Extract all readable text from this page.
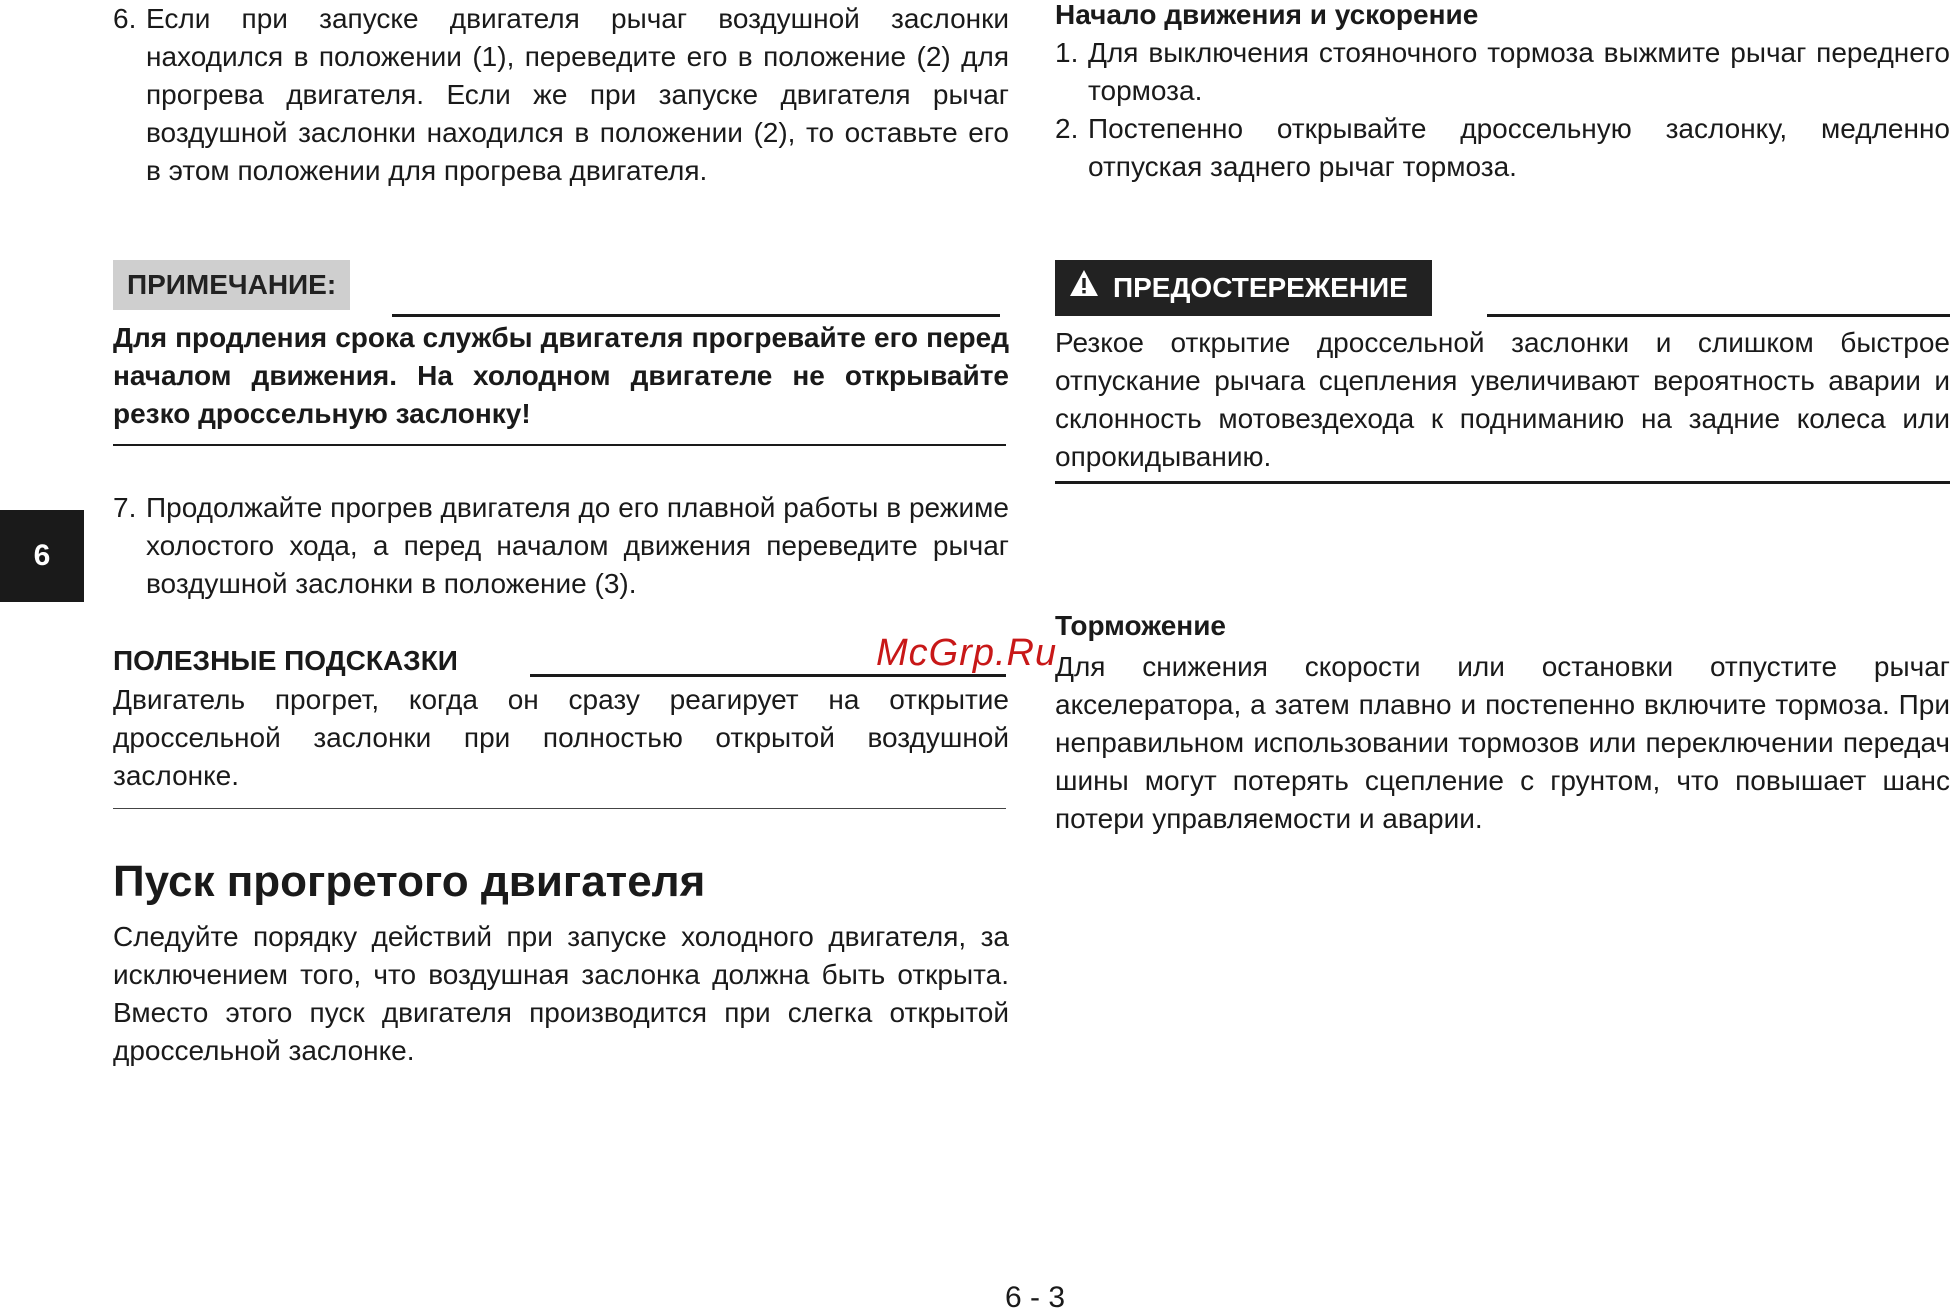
6
6. Если при запуске двигателя рычаг воздушной заслонки находился в положении (1), переведите его в положение (2) для прогрева двигателя. Если же при запуске двигателя рычаг воздушной заслонки находился в положении (2), то оставьте его в этом положении для прогрева двигателя.
ПРИМЕЧАНИЕ:
Для продления срока службы двигателя прогревайте его перед началом движения. На холодном двигателе не открывайте резко дроссельную заслонку!
7. Продолжайте прогрев двигателя до его плавной работы в режиме холостого хода, а перед началом движения переведите рычаг воздушной заслонки в положение (3).
ПОЛЕЗНЫЕ ПОДСКАЗКИ
Двигатель прогрет, когда он сразу реагирует на открытие дроссельной заслонки при полностью открытой воздушной заслонке.
Пуск прогретого двигателя
Следуйте порядку действий при запуске холодного двигателя, за исключением того, что воздушная заслонка должна быть открыта. Вместо этого пуск двигателя производится при слегка открытой дроссельной заслонке.
Начало движения и ускорение
1. Для выключения стояночного тормоза выжмите рычаг переднего тормоза.
2. Постепенно открывайте дроссельную заслонку, медленно отпуская заднего рычаг тормоза.
ПРЕДОСТЕРЕЖЕНИЕ
Резкое открытие дроссельной заслонки и слишком быстрое отпускание рычага сцепления увеличивают вероятность аварии и склонность мотовездехода к подниманию на задние колеса или опрокидыванию.
Торможение
Для снижения скорости или остановки отпустите рычаг акселератора, а затем плавно и постепенно включите тормоза. При неправильном использовании тормозов или переключении передач шины могут потерять сцепление с грунтом, что повышает шанс потери управляемости и аварии.
McGrp.Ru
6 - 3
